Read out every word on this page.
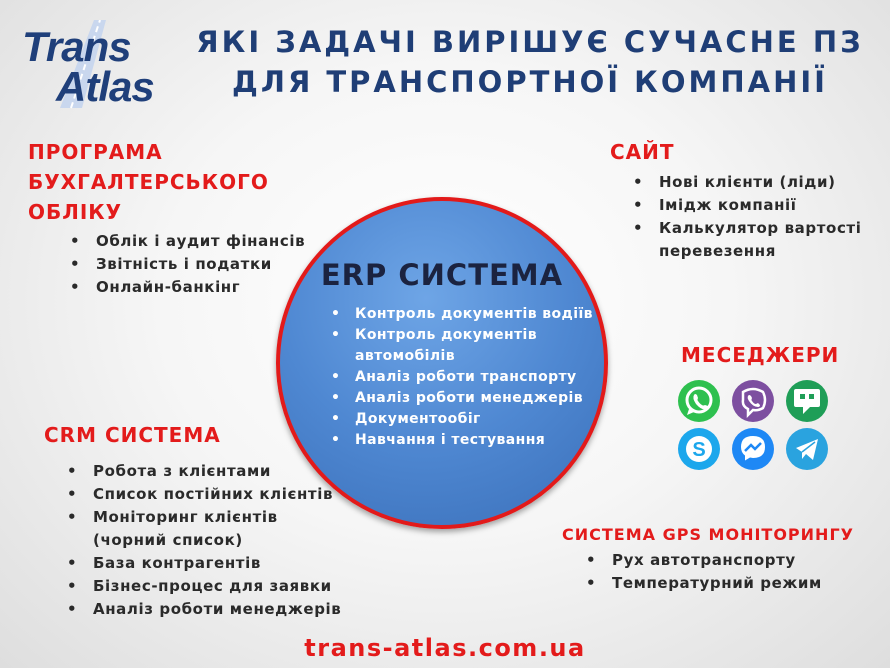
Trans
Atlas
ЯКІ ЗАДАЧІ ВИРІШУЄ СУЧАСНЕ ПЗ
ДЛЯ ТРАНСПОРТНОЇ КОМПАНІЇ
ПРОГРАМА
БУХГАЛТЕРСЬКОГО
ОБЛІКУ
• Облік і аудит фінансів
• Звітність і податки
• Онлайн-банкінг
САЙТ
• Нові клієнти (ліди)
• Імідж компанії
• Калькулятор вартості перевезення
ERP СИСТЕМА
• Контроль документів водіїв
• Контроль документів автомобілів
• Аналіз роботи транспорту
• Аналіз роботи менеджерів
• Документообіг
• Навчання і тестування
МЕСЕДЖЕРИ
S
CRM СИСТЕМА
• Робота з клієнтами
• Список постійних клієнтів
• Моніторинг клієнтів (чорний список)
• База контрагентів
• Бізнес-процес для заявки
• Аналіз роботи менеджерів
СИСТЕМА GPS МОНІТОРИНГУ
• Рух автотранспорту
• Температурний режим
trans-atlas.com.ua
